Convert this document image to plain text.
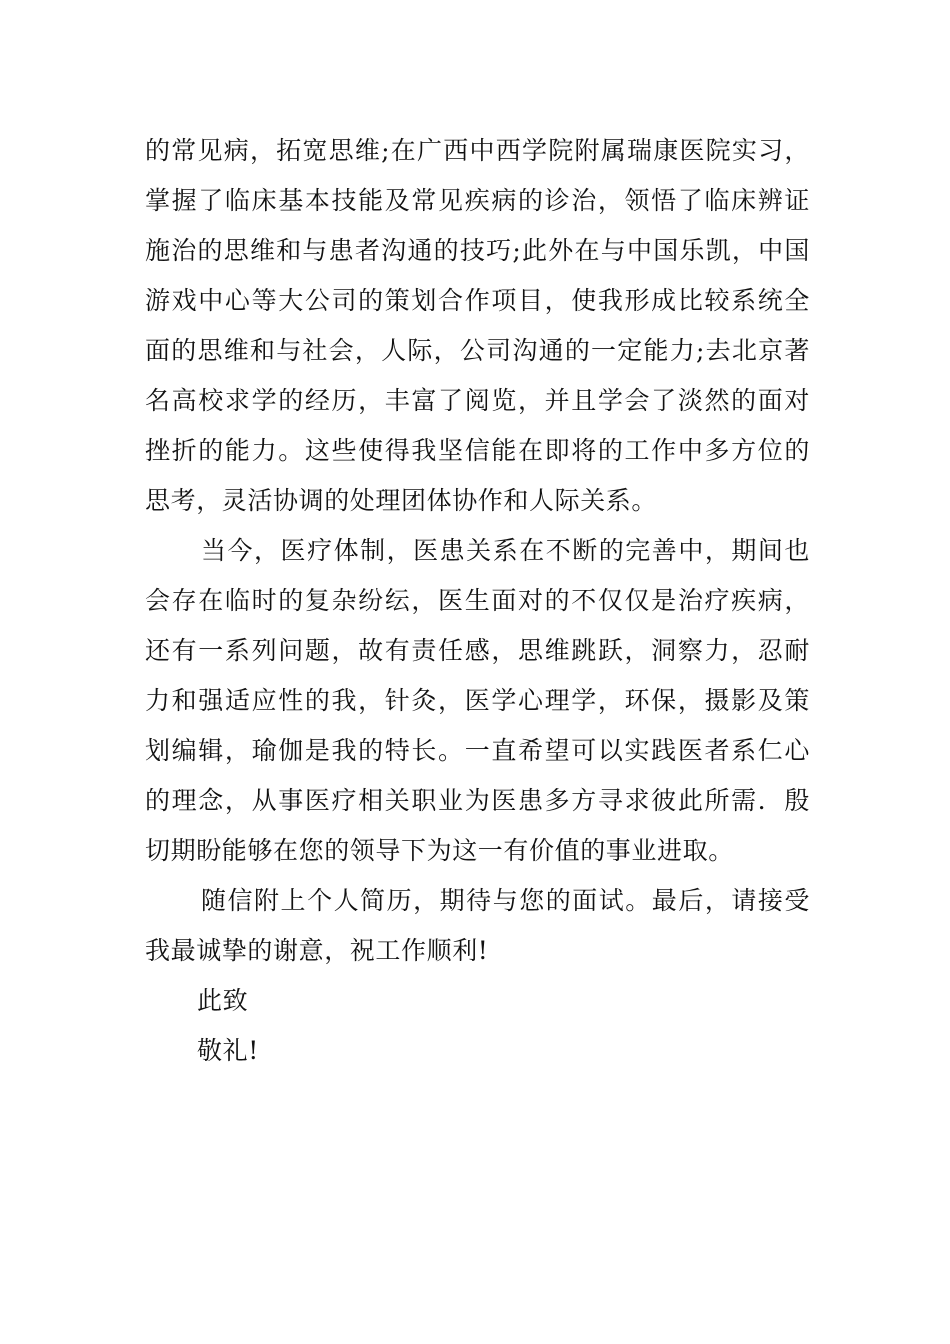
的常见病，拓宽思维;在广西中西学院附属瑞康医院实习，
掌握了临床基本技能及常见疾病的诊治，领悟了临床辨证
施治的思维和与患者沟通的技巧;此外在与中国乐凯，中国
游戏中心等大公司的策划合作项目，使我形成比较系统全
面的思维和与社会，人际，公司沟通的一定能力;去北京著
名高校求学的经历，丰富了阅览，并且学会了淡然的面对
挫折的能力。这些使得我坚信能在即将的工作中多方位的
思考，灵活协调的处理团体协作和人际关系。
当今，医疗体制，医患关系在不断的完善中，期间也
会存在临时的复杂纷纭，医生面对的不仅仅是治疗疾病，
还有一系列问题，故有责任感，思维跳跃，洞察力，忍耐
力和强适应性的我，针灸，医学心理学，环保，摄影及策
划编辑，瑜伽是我的特长。一直希望可以实践医者系仁心
的理念，从事医疗相关职业为医患多方寻求彼此所需．殷
切期盼能够在您的领导下为这一有价值的事业进取。
随信附上个人简历，期待与您的面试。最后，请接受
我最诚挚的谢意，祝工作顺利!
此致
敬礼!
